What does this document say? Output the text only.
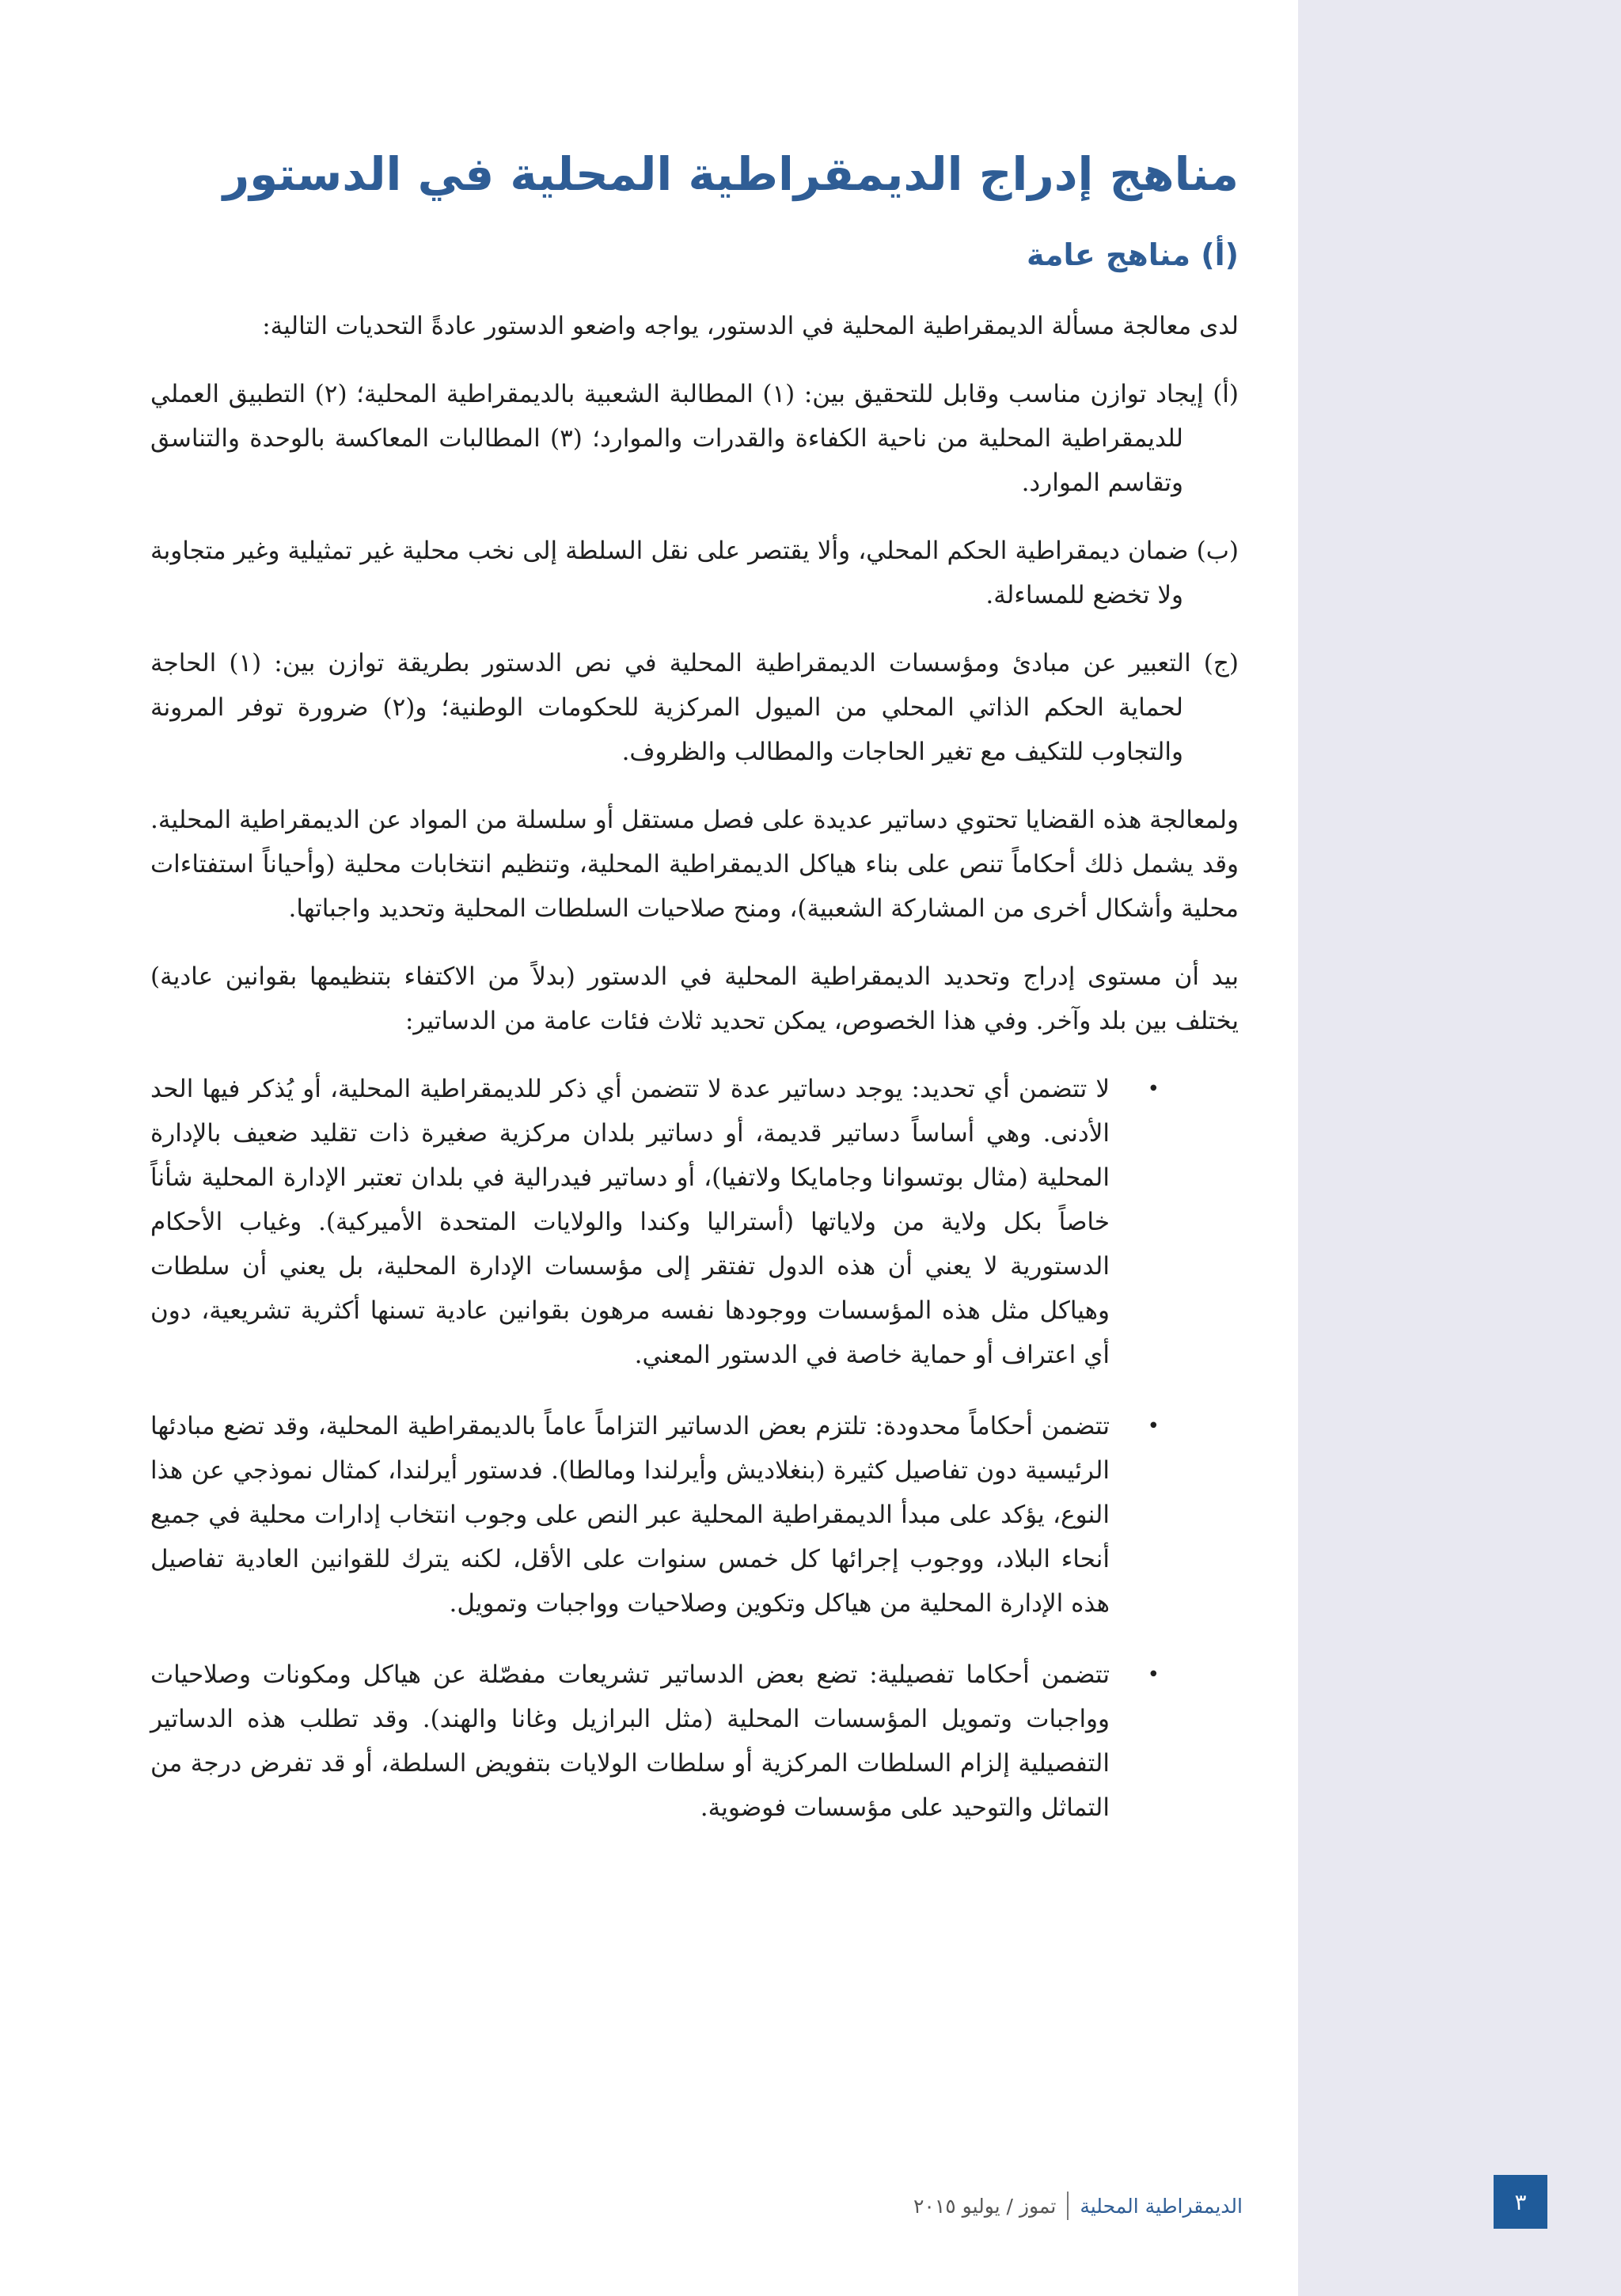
مناهج إدراج الديمقراطية المحلية في الدستور
(أ) مناهج عامة

لدى معالجة مسألة الديمقراطية المحلية في الدستور، يواجه واضعو الدستور عادةً التحديات التالية:

(أ) إيجاد توازن مناسب وقابل للتحقيق بين: (١) المطالبة الشعبية بالديمقراطية المحلية؛ (٢) التطبيق العملي للديمقراطية المحلية من ناحية الكفاءة والقدرات والموارد؛ (٣) المطالبات المعاكسة بالوحدة والتناسق وتقاسم الموارد.
(ب) ضمان ديمقراطية الحكم المحلي، وألا يقتصر على نقل السلطة إلى نخب محلية غير تمثيلية وغير متجاوبة ولا تخضع للمساءلة.
(ج) التعبير عن مبادئ ومؤسسات الديمقراطية المحلية في نص الدستور بطريقة توازن بين: (١) الحاجة لحماية الحكم الذاتي المحلي من الميول المركزية للحكومات الوطنية؛ و(٢) ضرورة توفر المرونة والتجاوب للتكيف مع تغير الحاجات والمطالب والظروف.

ولمعالجة هذه القضايا تحتوي دساتير عديدة على فصل مستقل أو سلسلة من المواد عن الديمقراطية المحلية. وقد يشمل ذلك أحكاماً تنص على بناء هياكل الديمقراطية المحلية، وتنظيم انتخابات محلية (وأحياناً استفتاءات محلية وأشكال أخرى من المشاركة الشعبية)، ومنح صلاحيات السلطات المحلية وتحديد واجباتها.

بيد أن مستوى إدراج وتحديد الديمقراطية المحلية في الدستور (بدلاً من الاكتفاء بتنظيمها بقوانين عادية) يختلف بين بلد وآخر. وفي هذا الخصوص، يمكن تحديد ثلاث فئات عامة من الدساتير:

•
لا تتضمن أي تحديد: يوجد دساتير عدة لا تتضمن أي ذكر للديمقراطية المحلية، أو يُذكر فيها الحد الأدنى. وهي أساساً دساتير قديمة، أو دساتير بلدان مركزية صغيرة ذات تقليد ضعيف بالإدارة المحلية (مثال بوتسوانا وجامايكا ولاتفيا)، أو دساتير فيدرالية في بلدان تعتبر الإدارة المحلية شأناً خاصاً بكل ولاية من ولاياتها (أستراليا وكندا والولايات المتحدة الأميركية). وغياب الأحكام الدستورية لا يعني أن هذه الدول تفتقر إلى مؤسسات الإدارة المحلية، بل يعني أن سلطات وهياكل مثل هذه المؤسسات ووجودها نفسه مرهون بقوانين عادية تسنها أكثرية تشريعية، دون أي اعتراف أو حماية خاصة في الدستور المعني.
•
تتضمن أحكاماً محدودة: تلتزم بعض الدساتير التزاماً عاماً بالديمقراطية المحلية، وقد تضع مبادئها الرئيسية دون تفاصيل كثيرة (بنغلاديش وأيرلندا ومالطا). فدستور أيرلندا، كمثال نموذجي عن هذا النوع، يؤكد على مبدأ الديمقراطية المحلية عبر النص على وجوب انتخاب إدارات محلية في جميع أنحاء البلاد، ووجوب إجرائها كل خمس سنوات على الأقل، لكنه يترك للقوانين العادية تفاصيل هذه الإدارة المحلية من هياكل وتكوين وصلاحيات وواجبات وتمويل.
•
تتضمن أحكاما تفصيلية: تضع بعض الدساتير تشريعات مفصّلة عن هياكل ومكونات وصلاحيات وواجبات وتمويل المؤسسات المحلية (مثل البرازيل وغانا والهند). وقد تطلب هذه الدساتير التفصيلية إلزام السلطات المركزية أو سلطات الولايات بتفويض السلطة، أو قد تفرض درجة من التماثل والتوحيد على مؤسسات فوضوية.
الديمقراطية المحلية
تموز / يوليو ٢٠١٥	٣
